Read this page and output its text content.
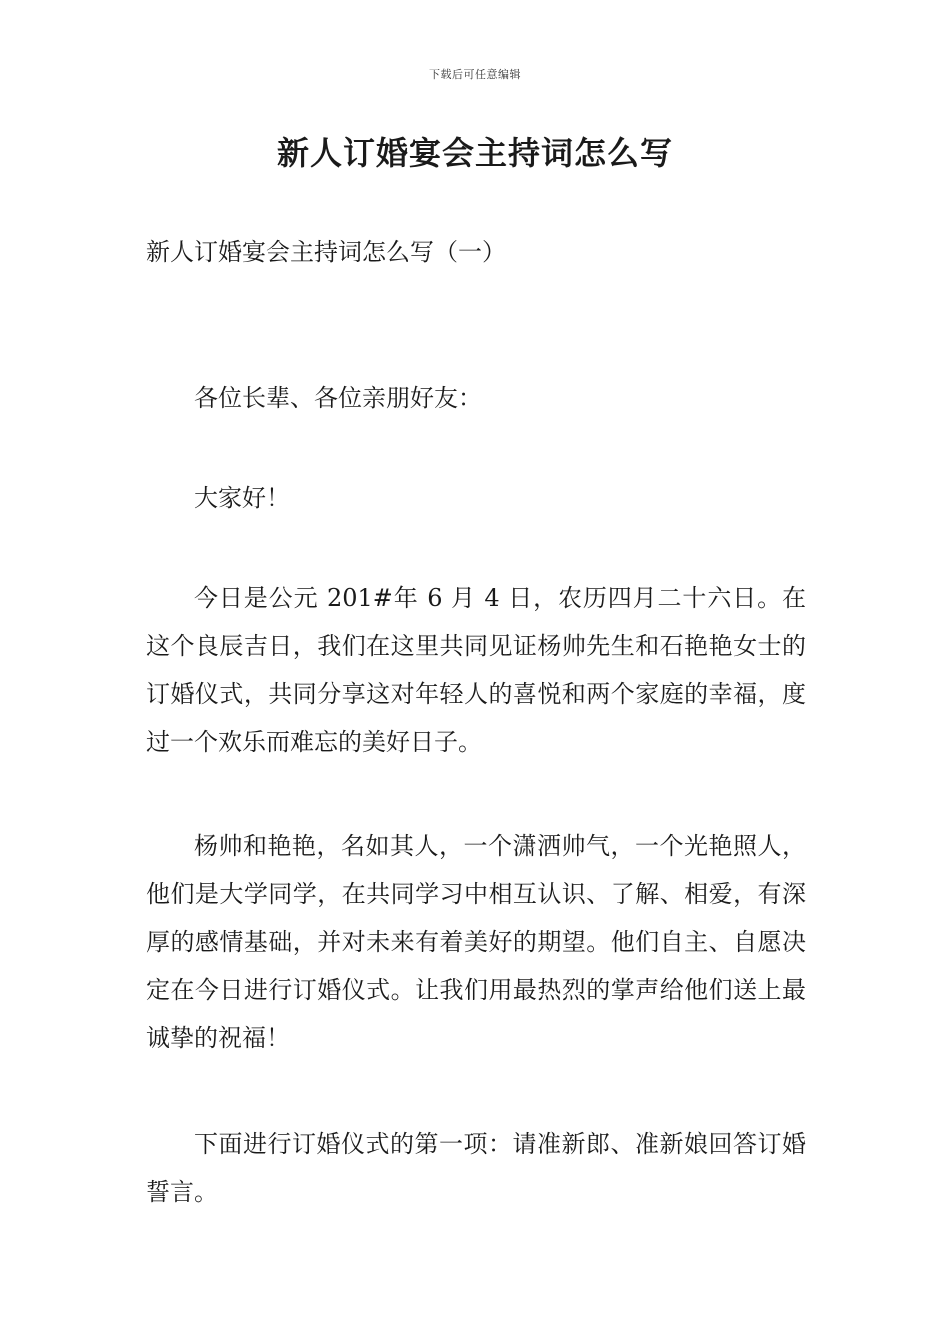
下载后可任意编辑
新人订婚宴会主持词怎么写

新人订婚宴会主持词怎么写（一）

各位长辈、各位亲朋好友：

大家好！

今日是公元 201#年 6 月 4 日，农历四月二十六日。在这个良辰吉日，我们在这里共同见证杨帅先生和石艳艳女士的订婚仪式，共同分享这对年轻人的喜悦和两个家庭的幸福，度过一个欢乐而难忘的美好日子。

杨帅和艳艳，名如其人，一个潇洒帅气，一个光艳照人，他们是大学同学，在共同学习中相互认识、了解、相爱，有深厚的感情基础，并对未来有着美好的期望。他们自主、自愿决定在今日进行订婚仪式。让我们用最热烈的掌声给他们送上最诚挚的祝福！

下面进行订婚仪式的第一项：请准新郎、准新娘回答订婚誓言。
